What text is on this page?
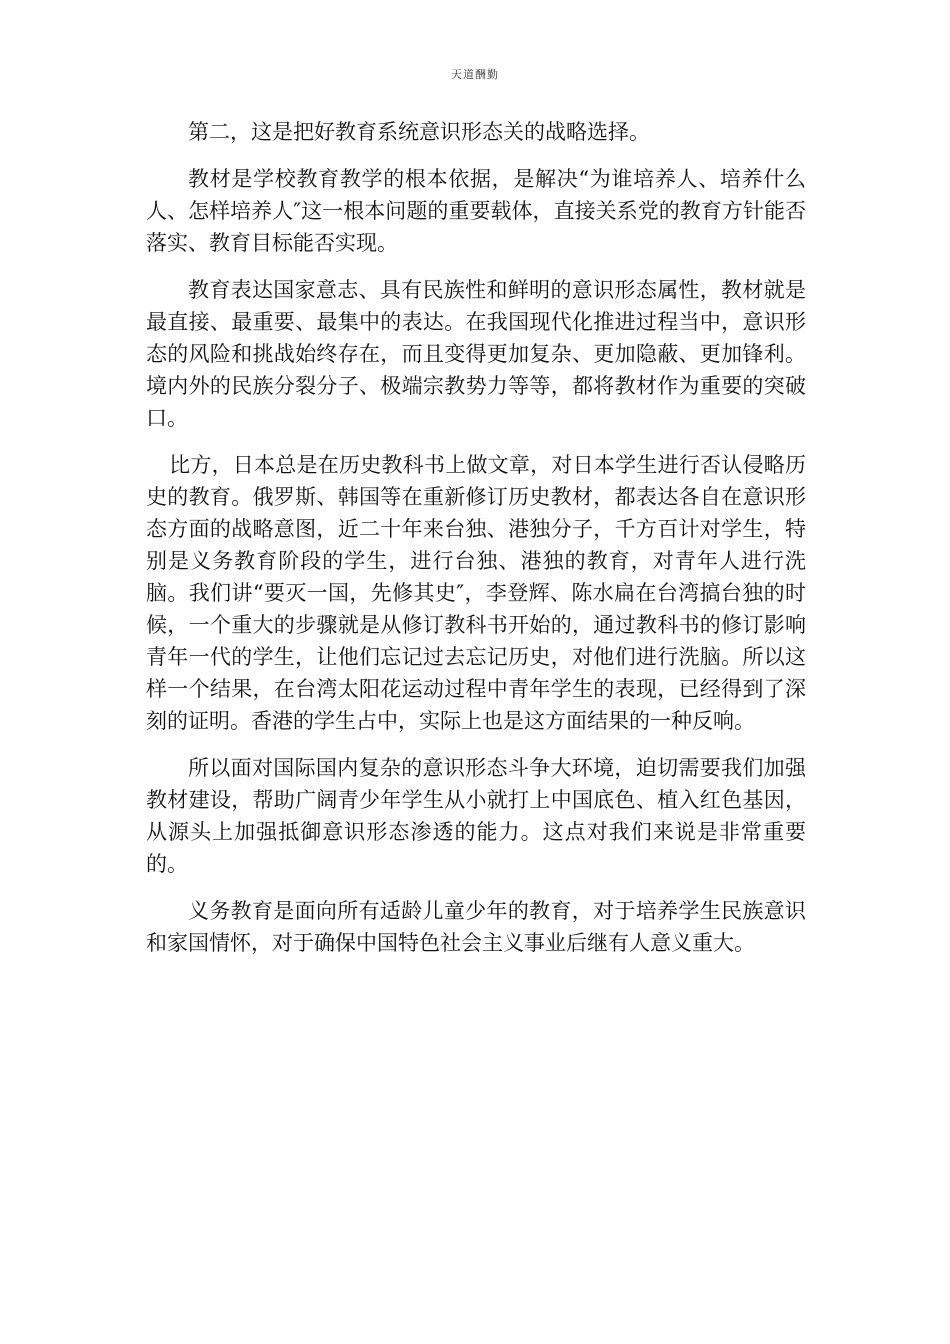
天道酬勤

第二，这是把好教育系统意识形态关的战略选择。

教材是学校教育教学的根本依据，是解决“为谁培养人、培养什么人、怎样培养人″这一根本问题的重要载体，直接关系党的教育方针能否落实、教育目标能否实现。

教育表达国家意志、具有民族性和鲜明的意识形态属性，教材就是最直接、最重要、最集中的表达。在我国现代化推进过程当中，意识形态的风险和挑战始终存在，而且变得更加复杂、更加隐蔽、更加锋利。境内外的民族分裂分子、极端宗教势力等等，都将教材作为重要的突破口。

比方，日本总是在历史教科书上做文章，对日本学生进行否认侵略历史的教育。俄罗斯、韩国等在重新修订历史教材，都表达各自在意识形态方面的战略意图，近二十年来台独、港独分子，千方百计对学生，特别是义务教育阶段的学生，进行台独、港独的教育，对青年人进行洗脑。我们讲“要灭一国，先修其史″，李登辉、陈水扁在台湾搞台独的时候，一个重大的步骤就是从修订教科书开始的，通过教科书的修订影响青年一代的学生，让他们忘记过去忘记历史，对他们进行洗脑。所以这样一个结果，在台湾太阳花运动过程中青年学生的表现，已经得到了深刻的证明。香港的学生占中，实际上也是这方面结果的一种反响。

所以面对国际国内复杂的意识形态斗争大环境，迫切需要我们加强教材建设，帮助广阔青少年学生从小就打上中国底色、植入红色基因，从源头上加强抵御意识形态渗透的能力。这点对我们来说是非常重要的。

义务教育是面向所有适龄儿童少年的教育，对于培养学生民族意识和家国情怀，对于确保中国特色社会主义事业后继有人意义重大。
